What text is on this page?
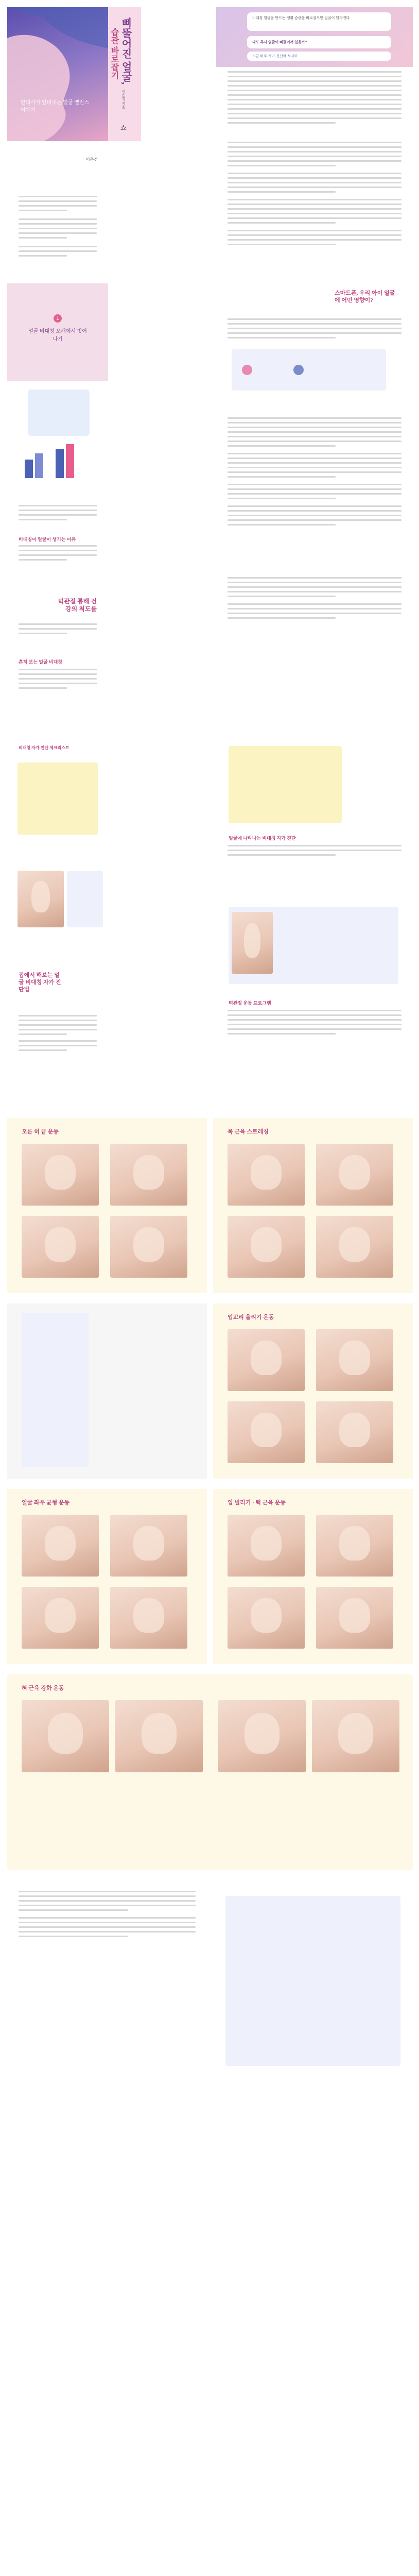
삐뚤어진 얼굴,
습관 바로잡기
이은경 지음
쇼
한의사가 알려주는 얼굴 밸런스 이야기
비대칭 얼굴을 만드는 생활 습관을 바로잡으면 얼굴이 달라진다
나도 혹시 얼굴이 삐뚤어져 있을까?
지금 바로 자가 진단해 보세요
이은경
1
얼굴 비대칭 오해에서 벗어나기
스마트폰, 우리 아이 얼굴에 어떤 영향이?
비대칭이 얼굴이 생기는 이유
턱관절 통해 건강의 척도를
흔히 보는 얼굴 비대칭
비대칭 자가 진단 체크리스트
얼굴에 나타나는 비대칭 자가 진단
집에서 해보는 얼굴 비대칭 자가 진단법
턱관절 운동 프로그램
오른 혀 끝 운동	목 근육 스트레칭
입꼬리 올리기 운동
얼굴 좌우 균형 운동	입 벌리기 · 턱 근육 운동
혀 근육 강화 운동
